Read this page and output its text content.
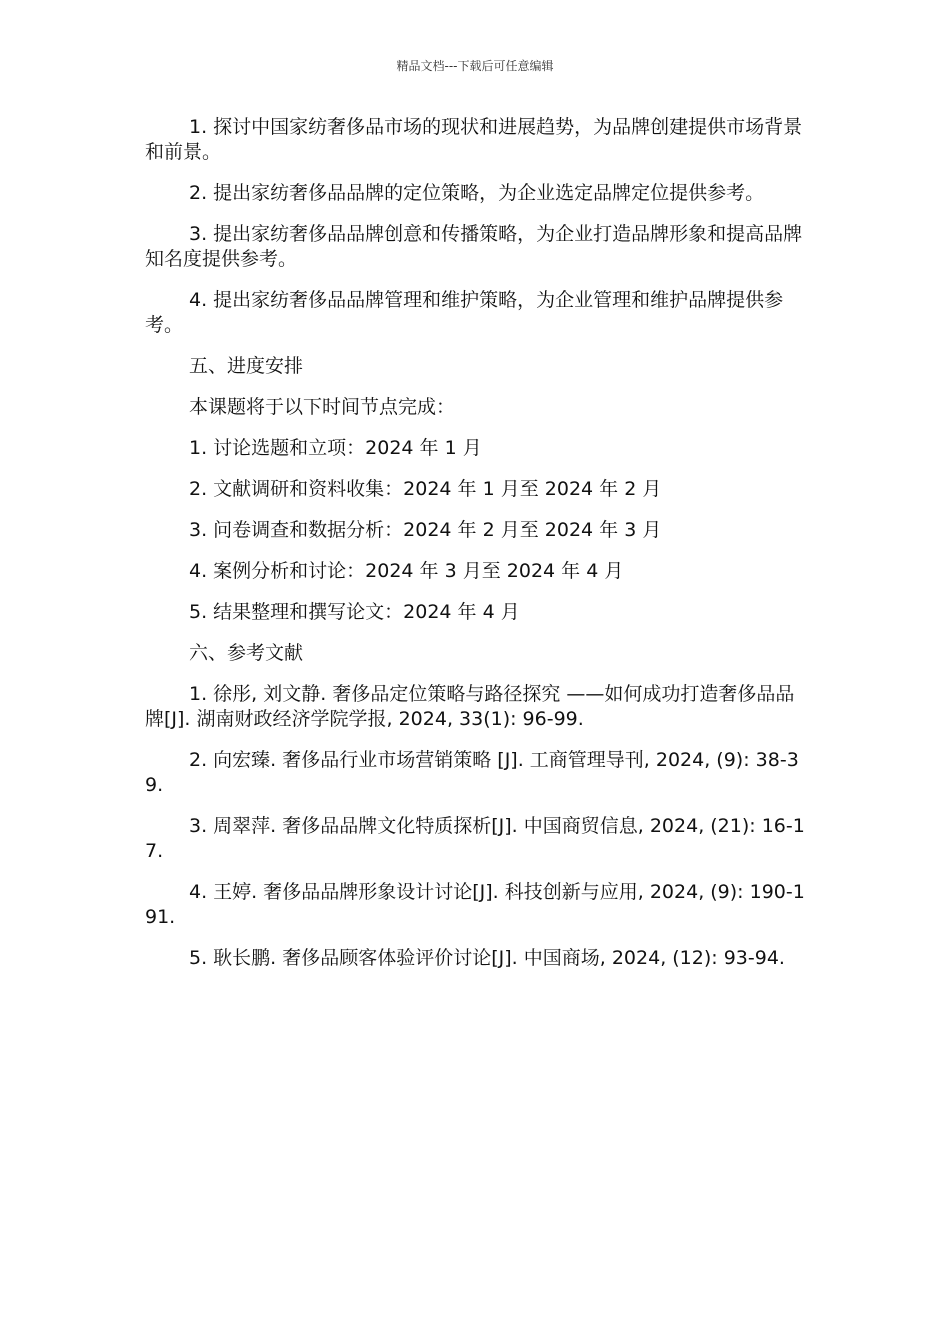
精品文档---下载后可任意编辑

1. 探讨中国家纺奢侈品市场的现状和进展趋势，为品牌创建提供市场背景和前景。

2. 提出家纺奢侈品品牌的定位策略，为企业选定品牌定位提供参考。

3. 提出家纺奢侈品品牌创意和传播策略，为企业打造品牌形象和提高品牌知名度提供参考。

4. 提出家纺奢侈品品牌管理和维护策略，为企业管理和维护品牌提供参考。

五、进度安排

本课题将于以下时间节点完成：

1. 讨论选题和立项：2024 年 1 月

2. 文献调研和资料收集：2024 年 1 月至 2024 年 2 月

3. 问卷调查和数据分析：2024 年 2 月至 2024 年 3 月

4. 案例分析和讨论：2024 年 3 月至 2024 年 4 月

5. 结果整理和撰写论文：2024 年 4 月

六、参考文献

1. 徐彤, 刘文静. 奢侈品定位策略与路径探究 ——如何成功打造奢侈品品牌[J]. 湖南财政经济学院学报, 2024, 33(1): 96-99.

2. 向宏臻. 奢侈品行业市场营销策略 [J]. 工商管理导刊, 2024, (9): 38-39.

3. 周翠萍. 奢侈品品牌文化特质探析[J]. 中国商贸信息, 2024, (21): 16-17.

4. 王婷. 奢侈品品牌形象设计讨论[J]. 科技创新与应用, 2024, (9): 190-191.

5. 耿长鹏. 奢侈品顾客体验评价讨论[J]. 中国商场, 2024, (12): 93-94.
